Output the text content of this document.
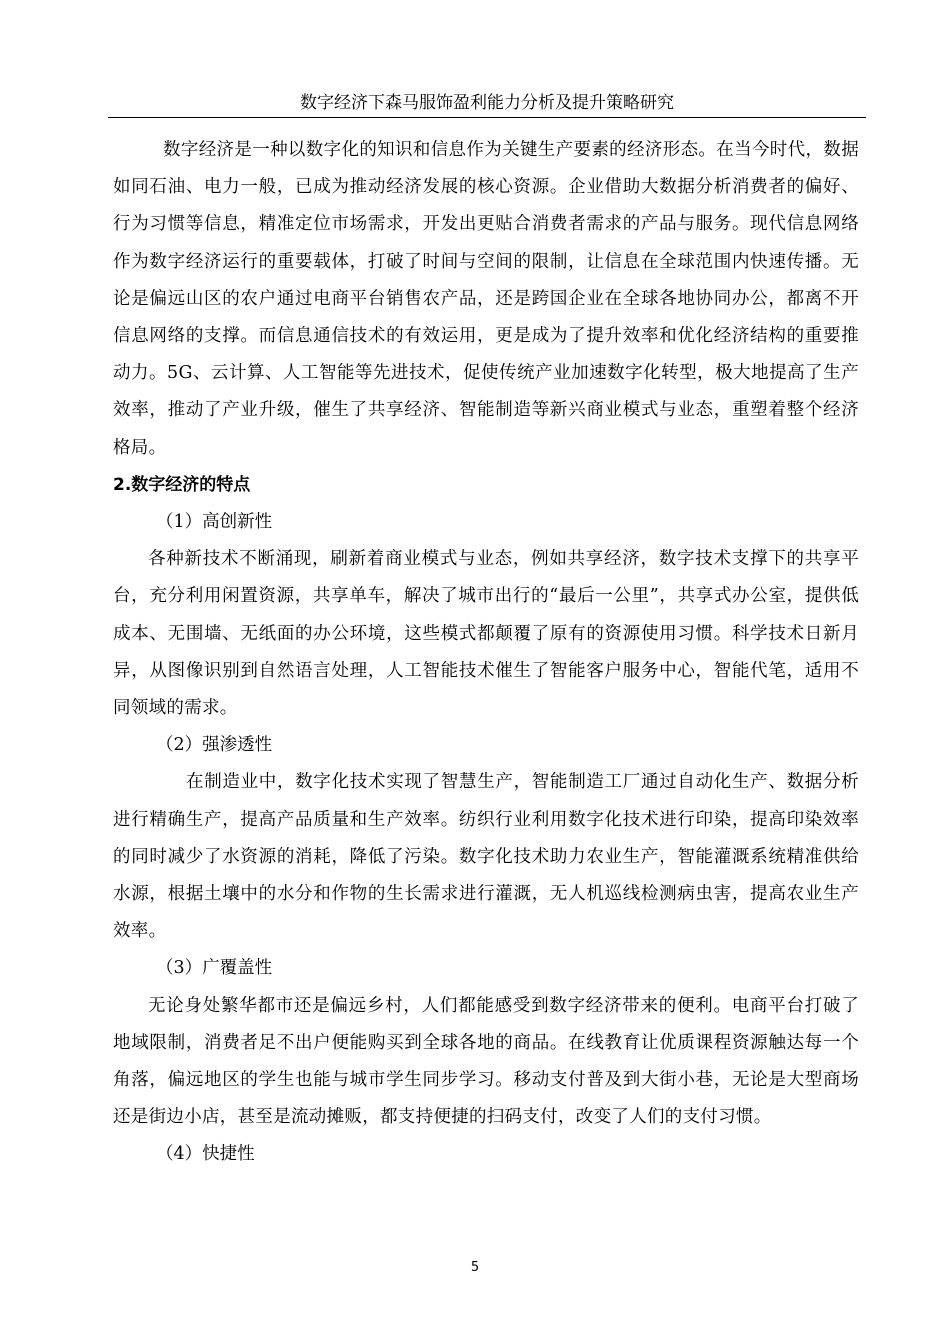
数字经济下森马服饰盈利能力分析及提升策略研究

数字经济是一种以数字化的知识和信息作为关键生产要素的经济形态。在当今时代，数据如同石油、电力一般，已成为推动经济发展的核心资源。企业借助大数据分析消费者的偏好、行为习惯等信息，精准定位市场需求，开发出更贴合消费者需求的产品与服务。现代信息网络作为数字经济运行的重要载体，打破了时间与空间的限制，让信息在全球范围内快速传播。无论是偏远山区的农户通过电商平台销售农产品，还是跨国企业在全球各地协同办公，都离不开信息网络的支撑。而信息通信技术的有效运用，更是成为了提升效率和优化经济结构的重要推动力。5G、云计算、人工智能等先进技术，促使传统产业加速数字化转型，极大地提高了生产效率，推动了产业升级，催生了共享经济、智能制造等新兴商业模式与业态，重塑着整个经济格局。

2.数字经济的特点

（1）高创新性

各种新技术不断涌现，刷新着商业模式与业态，例如共享经济，数字技术支撑下的共享平台，充分利用闲置资源，共享单车，解决了城市出行的“最后一公里”，共享式办公室，提供低成本、无围墙、无纸面的办公环境，这些模式都颠覆了原有的资源使用习惯。科学技术日新月异，从图像识别到自然语言处理，人工智能技术催生了智能客户服务中心，智能代笔，适用不同领域的需求。

（2）强渗透性

在制造业中，数字化技术实现了智慧生产，智能制造工厂通过自动化生产、数据分析进行精确生产，提高产品质量和生产效率。纺织行业利用数字化技术进行印染，提高印染效率的同时减少了水资源的消耗，降低了污染。数字化技术助力农业生产，智能灌溉系统精准供给水源，根据土壤中的水分和作物的生长需求进行灌溉，无人机巡线检测病虫害，提高农业生产效率。

（3）广覆盖性

无论身处繁华都市还是偏远乡村，人们都能感受到数字经济带来的便利。电商平台打破了地域限制，消费者足不出户便能购买到全球各地的商品。在线教育让优质课程资源触达每一个角落，偏远地区的学生也能与城市学生同步学习。移动支付普及到大街小巷，无论是大型商场还是街边小店，甚至是流动摊贩，都支持便捷的扫码支付，改变了人们的支付习惯。

（4）快捷性

5
